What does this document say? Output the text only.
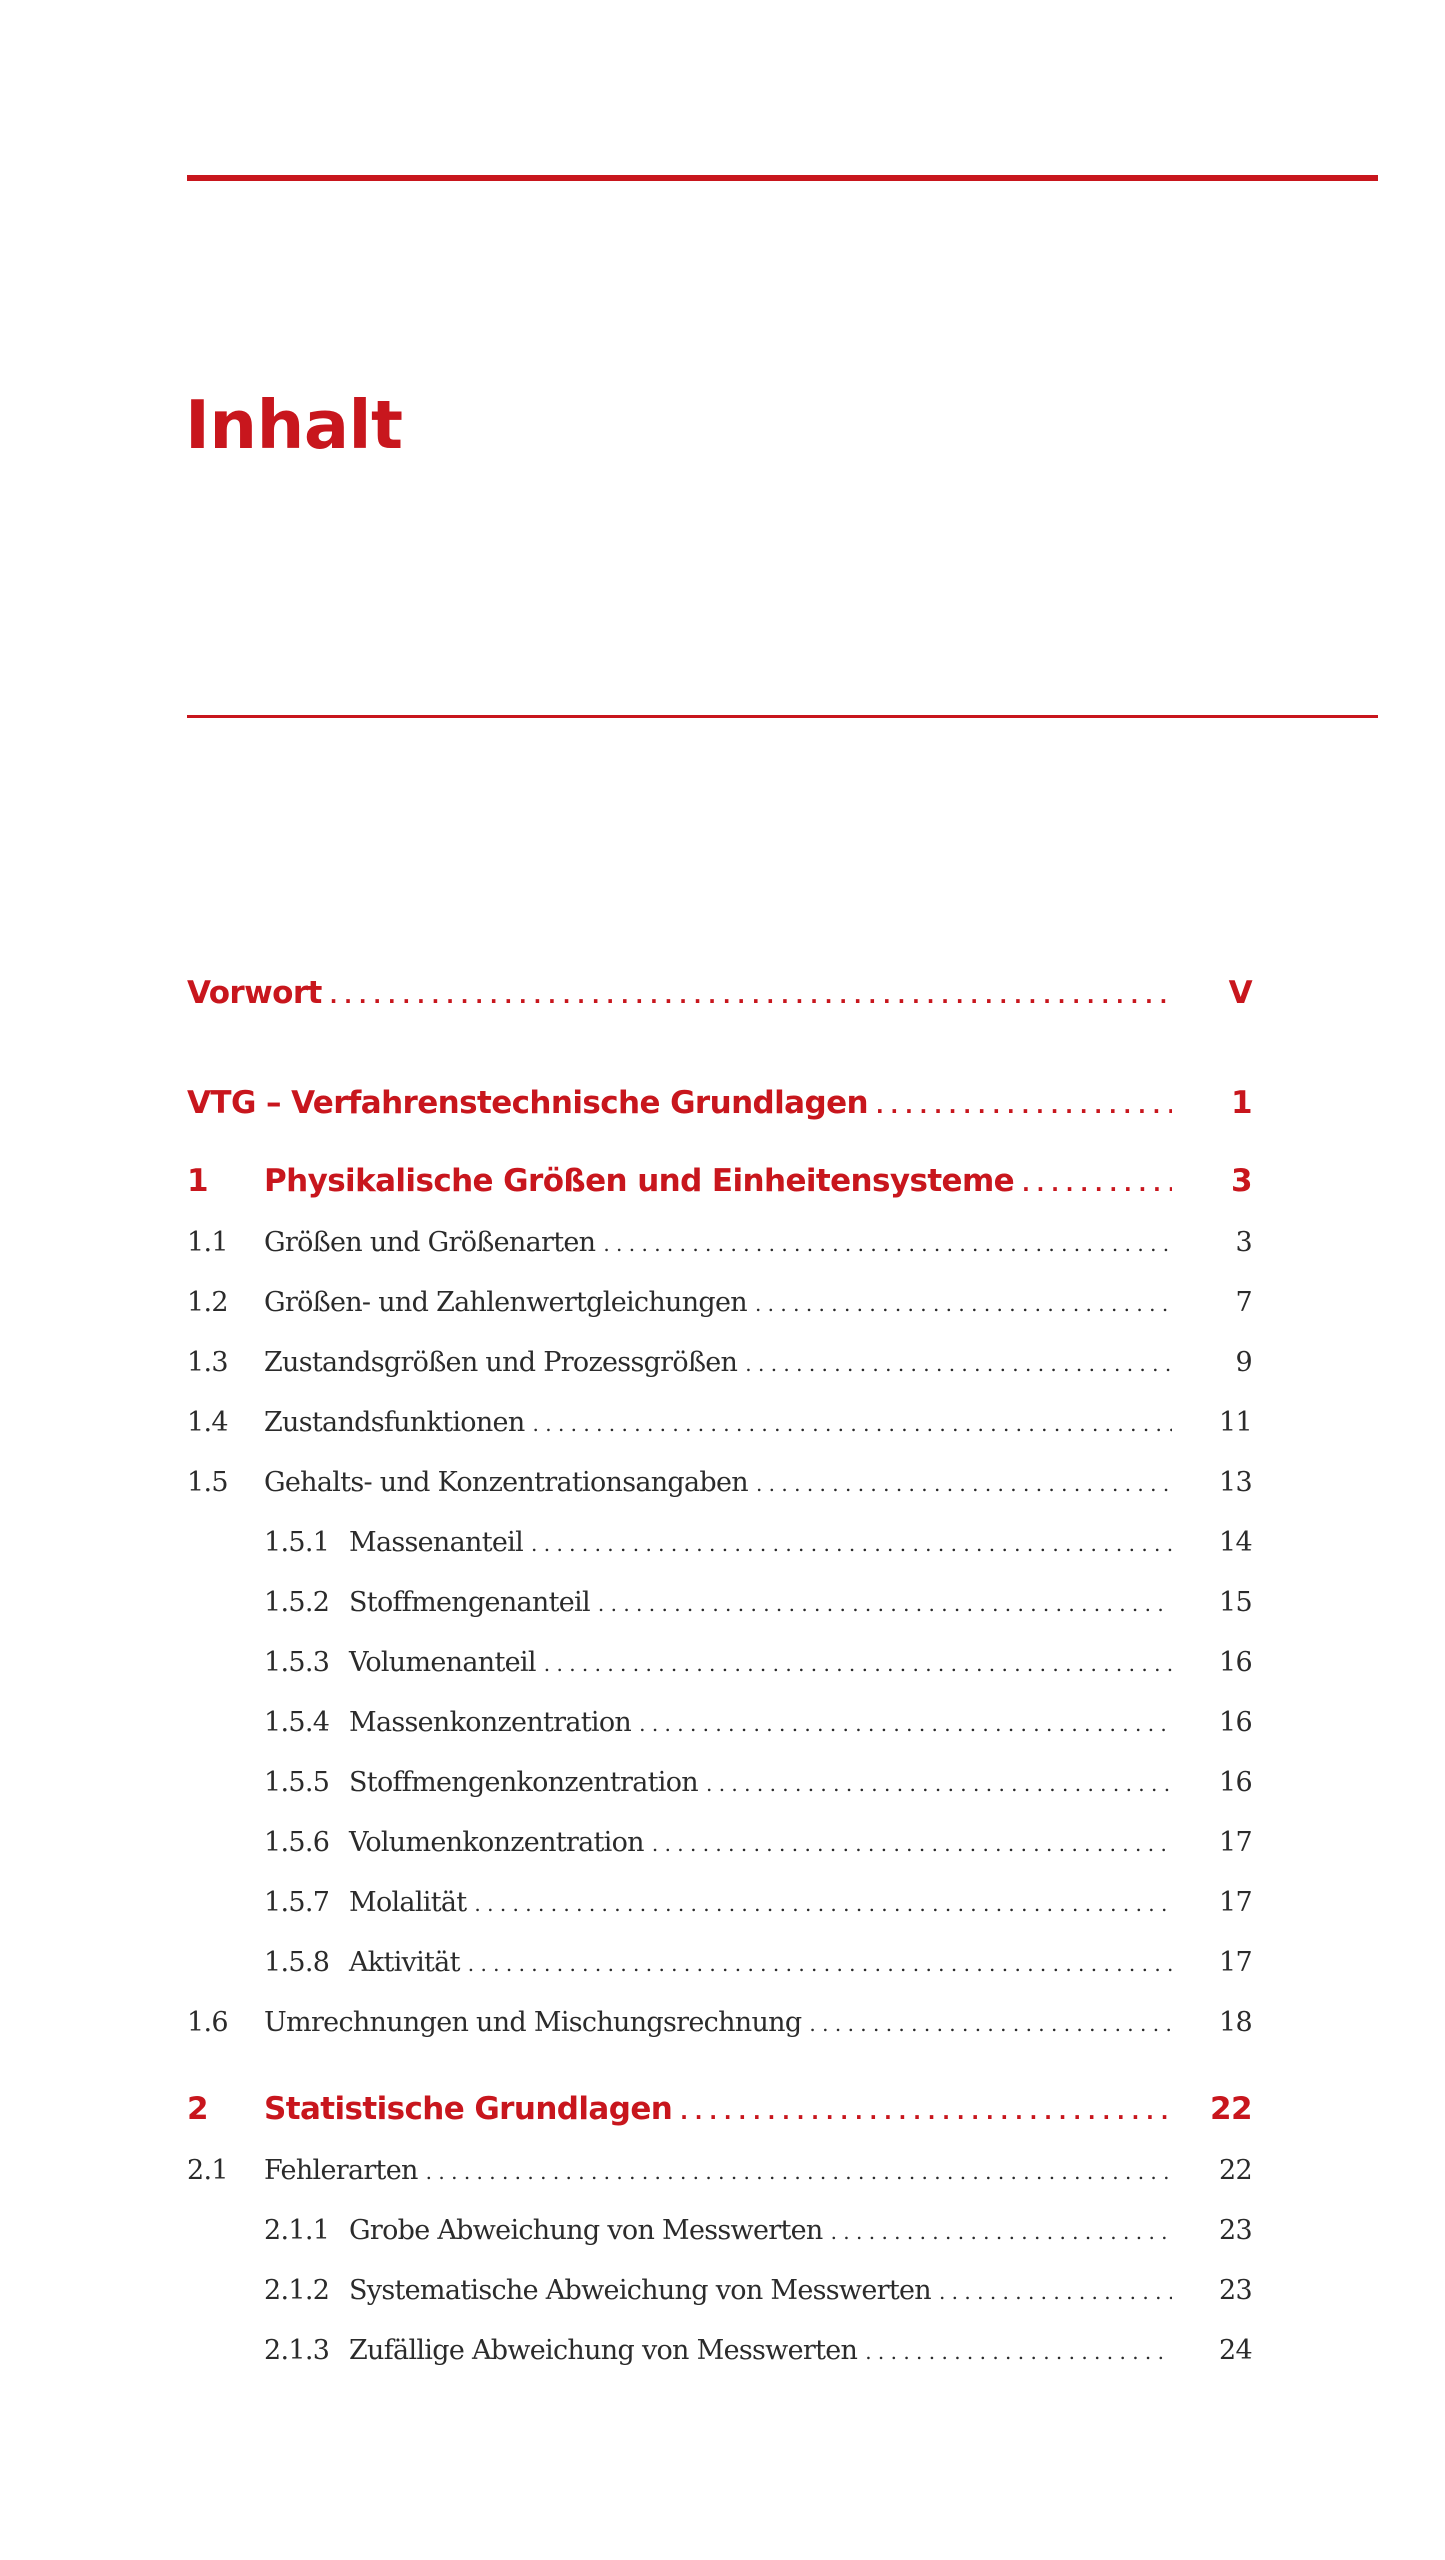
Inhalt
Vorwort . . .	V
VTG – Verfahrenstechnische Grundlagen . . .	1
1	Physikalische Größen und Einheitensysteme . . .	3
1.1	Größen und Größenarten . . .	3
1.2	Größen- und Zahlenwertgleichungen . . .	7
1.3	Zustandsgrößen und Prozessgrößen . . .	9
1.4	Zustandsfunktionen . . .	11
1.5	Gehalts- und Konzentrationsangaben . . .	13
1.5.1 Massenanteil . . .	14
1.5.2 Stoffmengenanteil . . .	15
1.5.3 Volumenanteil . . .	16
1.5.4 Massenkonzentration . . .	16
1.5.5 Stoffmengenkonzentration . . .	16
1.5.6 Volumenkonzentration . . .	17
1.5.7 Molalität . . .	17
1.5.8 Aktivität . . .	17
1.6	Umrechnungen und Mischungsrechnung . . .	18
2	Statistische Grundlagen . . .	22
2.1	Fehlerarten . . .	22
2.1.1 Grobe Abweichung von Messwerten . . .	23
2.1.2 Systematische Abweichung von Messwerten . . .	23
2.1.3 Zufällige Abweichung von Messwerten . . .	24
